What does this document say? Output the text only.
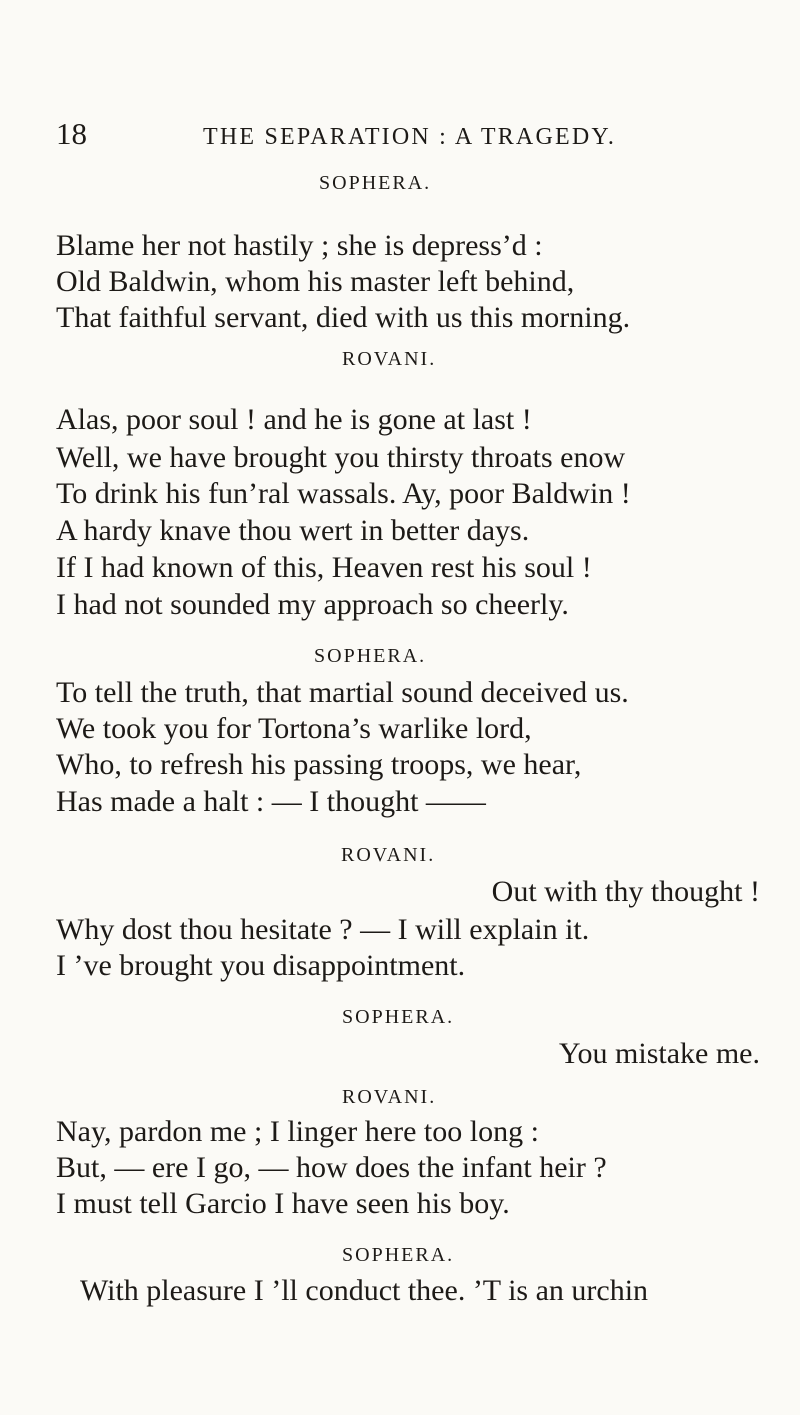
18	THE SEPARATION : A TRAGEDY.
SOPHERA.
Blame her not hastily ; she is depress’d :
Old Baldwin, whom his master left behind,
That faithful servant, died with us this morning.
ROVANI.
Alas, poor soul ! and he is gone at last !
Well, we have brought you thirsty throats enow
To drink his fun’ral wassals. Ay, poor Baldwin !
A hardy knave thou wert in better days.
If I had known of this, Heaven rest his soul !
I had not sounded my approach so cheerly.
SOPHERA.
To tell the truth, that martial sound deceived us.
We took you for Tortona’s warlike lord,
Who, to refresh his passing troops, we hear,
Has made a halt : — I thought ——
ROVANI.
Out with thy thought !
Why dost thou hesitate ? — I will explain it.
I ’ve brought you disappointment.
SOPHERA.
You mistake me.
ROVANI.
Nay, pardon me ; I linger here too long :
But, — ere I go, — how does the infant heir ?
I must tell Garcio I have seen his boy.
SOPHERA.
With pleasure I ’ll conduct thee. ’T is an urchin
